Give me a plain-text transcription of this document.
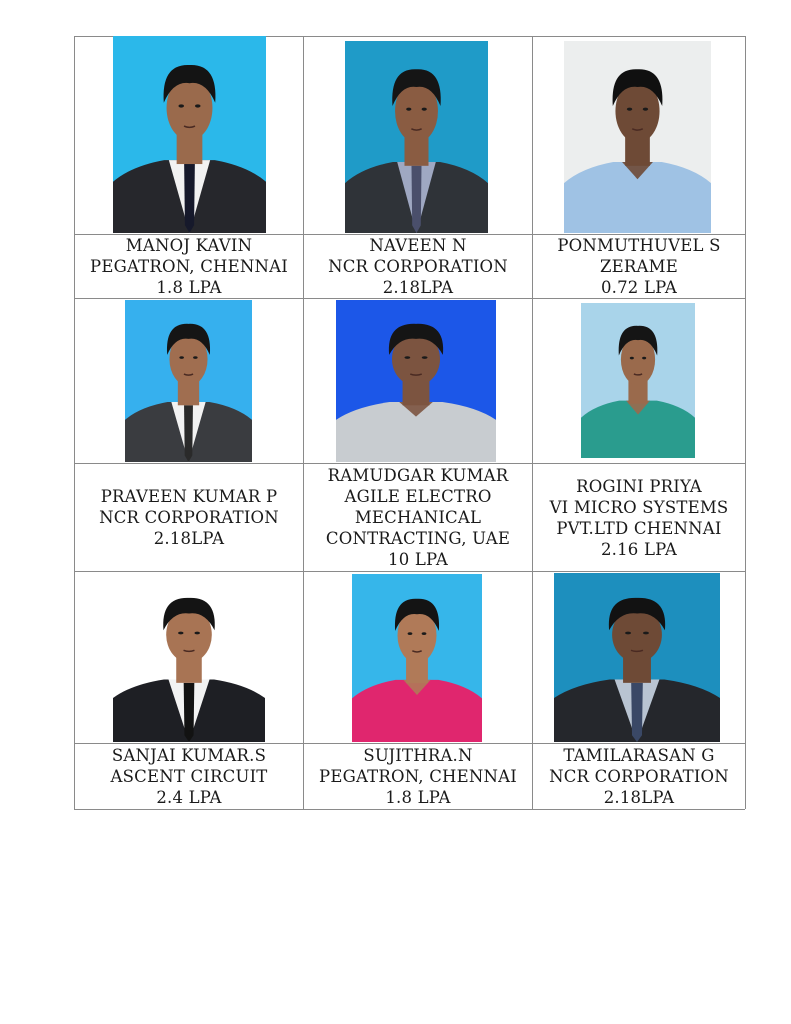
MANOJ KAVIN
PEGATRON, CHENNAI
1.8 LPA
NAVEEN N
NCR CORPORATION
2.18LPA
PONMUTHUVEL S
ZERAME
0.72 LPA
PRAVEEN KUMAR P
NCR CORPORATION
2.18LPA
RAMUDGAR KUMAR
AGILE ELECTRO
MECHANICAL
CONTRACTING, UAE
10 LPA
ROGINI PRIYA
VI MICRO SYSTEMS
PVT.LTD CHENNAI
2.16 LPA
SANJAI KUMAR.S
ASCENT CIRCUIT
2.4 LPA
SUJITHRA.N
PEGATRON, CHENNAI
1.8 LPA
TAMILARASAN G
NCR CORPORATION
2.18LPA
